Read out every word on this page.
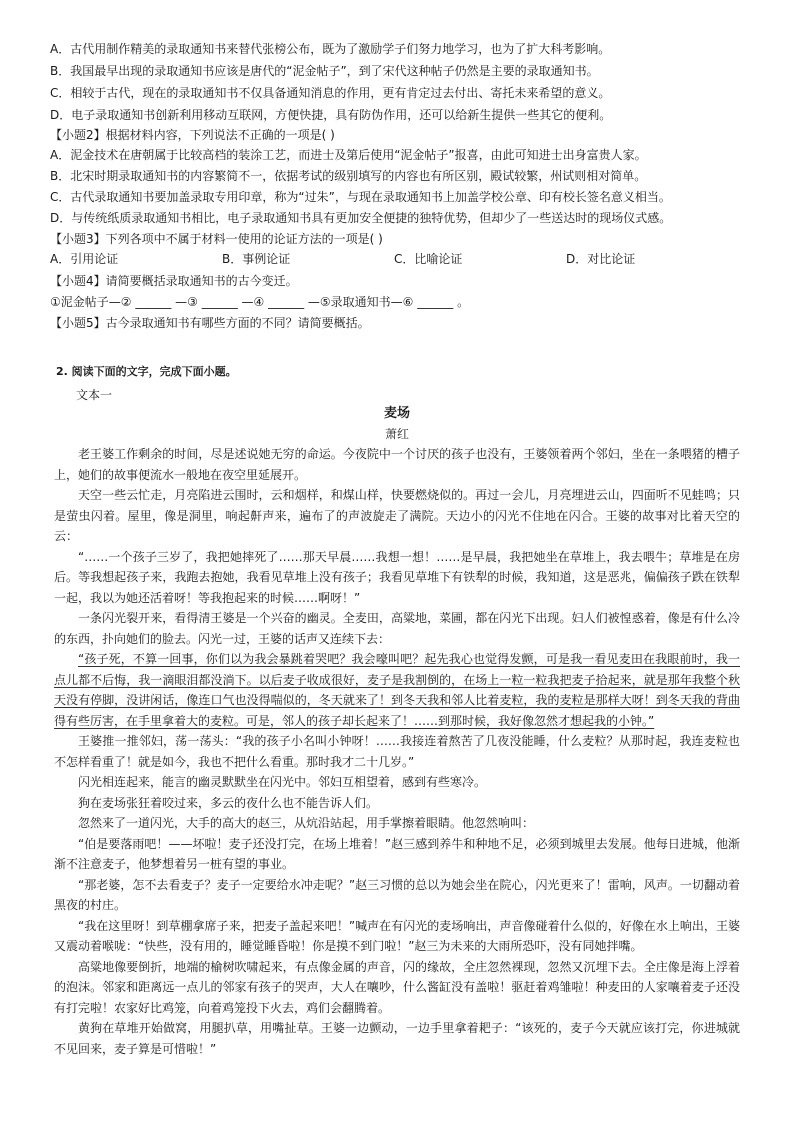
A．古代用制作精美的录取通知书来替代张榜公布，既为了激励学子们努力地学习，也为了扩大科考影响。
B．我国最早出现的录取通知书应该是唐代的“泥金帖子”，到了宋代这种帖子仍然是主要的录取通知书。
C．相较于古代，现在的录取通知书不仅具备通知消息的作用，更有肯定过去付出、寄托未来希望的意义。
D．电子录取通知书创新利用移动互联网，方便快捷，具有防伪作用，还可以给新生提供一些其它的便利。
【小题2】根据材料内容，下列说法不正确的一项是( )
A．泥金技术在唐朝属于比较高档的装涂工艺，而进士及第后使用“泥金帖子”报喜，由此可知进士出身富贵人家。
B．北宋时期录取通知书的内容繁简不一，依据考试的级别填写的内容也有所区别，殿试较繁，州试则相对简单。
C．古代录取通知书要加盖录取专用印章，称为“过朱”，与现在录取通知书上加盖学校公章、印有校长签名意义相当。
D．与传统纸质录取通知书相比，电子录取通知书具有更加安全便捷的独特优势，但却少了一些送达时的现场仪式感。
【小题3】下列各项中不属于材料一使用的论证方法的一项是( )
A．引用论证	B．事例论证	C．比喻论证	D．对比论证
【小题4】请简要概括录取通知书的古今变迁。
①泥金帖子—② ______ —③ ______ —④ ______ —⑤录取通知书—⑥ ______ 。
【小题5】古今录取通知书有哪些方面的不同？请简要概括。
2. 阅读下面的文字，完成下面小题。
文本一
麦场
萧红

老王婆工作剩余的时间，尽是述说她无穷的命运。今夜院中一个讨厌的孩子也没有，王婆领着两个邻妇，坐在一条喂猪的槽子上，她们的故事便流水一般地在夜空里延展开。

天空一些云忙走，月亮陷进云围时，云和烟样，和煤山样，快要燃烧似的。再过一会儿，月亮埋进云山，四面听不见蛙鸣；只是萤虫闪着。屋里，像是洞里，响起鼾声来，遍布了的声波旋走了满院。天边小的闪光不住地在闪合。王婆的故事对比着天空的云：

“……一个孩子三岁了，我把她摔死了……那天早晨……我想一想！……是早晨，我把她坐在草堆上，我去喂牛；草堆是在房后。等我想起孩子来，我跑去抱她，我看见草堆上没有孩子；我看见草堆下有铁犁的时候，我知道，这是恶兆，偏偏孩子跌在铁犁一起，我以为她还活着呀！等我抱起来的时候……啊呀！”

一条闪光裂开来，看得清王婆是一个兴奋的幽灵。全麦田，高粱地，菜圃，都在闪光下出现。妇人们被惶惑着，像是有什么冷的东西，扑向她们的脸去。闪光一过，王婆的话声又连续下去：

“孩子死，不算一回事，你们以为我会暴跳着哭吧？我会嚎叫吧？起先我心也觉得发颤，可是我一看见麦田在我眼前时，我一点儿都不后悔，我一滴眼泪都没淌下。以后麦子收成很好，麦子是我割倒的，在场上一粒一粒我把麦子拾起来，就是那年我整个秋天没有停脚，没讲闲话，像连口气也没得喘似的，冬天就来了！到冬天我和邻人比着麦粒，我的麦粒是那样大呀！到冬天我的背曲得有些厉害，在手里拿着大的麦粒。可是，邻人的孩子却长起来了！……到那时候，我好像忽然才想起我的小钟。”

王婆推一推邻妇，荡一荡头：“我的孩子小名叫小钟呀！……我接连着熬苦了几夜没能睡，什么麦粒？从那时起，我连麦粒也不怎样看重了！就是如今，我也不把什么看重。那时我才二十几岁。”

闪光相连起来，能言的幽灵默默坐在闪光中。邻妇互相望着，感到有些寒冷。

狗在麦场张狂着咬过来，多云的夜什么也不能告诉人们。

忽然来了一道闪光，大手的高大的赵三，从炕沿站起，用手掌擦着眼睛。他忽然响叫：

“伯是要落雨吧！——坏啦！麦子还没打完，在场上堆着！”赵三感到养牛和种地不足，必须到城里去发展。他每日进城，他渐渐不注意麦子，他梦想着另一桩有望的事业。

“那老婆，怎不去看麦子？麦子一定要给水冲走呢？”赵三习惯的总以为她会坐在院心，闪光更来了！雷响，风声。一切翻动着黑夜的村庄。

“我在这里呀！到草棚拿席子来，把麦子盖起来吧！”喊声在有闪光的麦场响出，声音像碰着什么似的，好像在水上响出，王婆又震动着喉咙：“快些，没有用的，睡觉睡昏啦！你是摸不到门啦！”赵三为未来的大雨所恐吓，没有同她拌嘴。

高粱地像要倒折，地端的榆树吹啸起来，有点像金属的声音，闪的缘故，全庄忽然裸现，忽然又沉埋下去。全庄像是海上浮着的泡沫。邻家和距离远一点儿的邻家有孩子的哭声，大人在嚷吵，什么酱缸没有盖啦！驱赶着鸡雏啦！种麦田的人家嚷着麦子还没有打完啦！农家好比鸡笼，向着鸡笼投下火去，鸡们会翻腾着。

黄狗在草堆开始做窝，用腿扒草，用嘴扯草。王婆一边颤动，一边手里拿着耙子：“该死的，麦子今天就应该打完，你进城就不见回来，麦子算是可惜啦！”
